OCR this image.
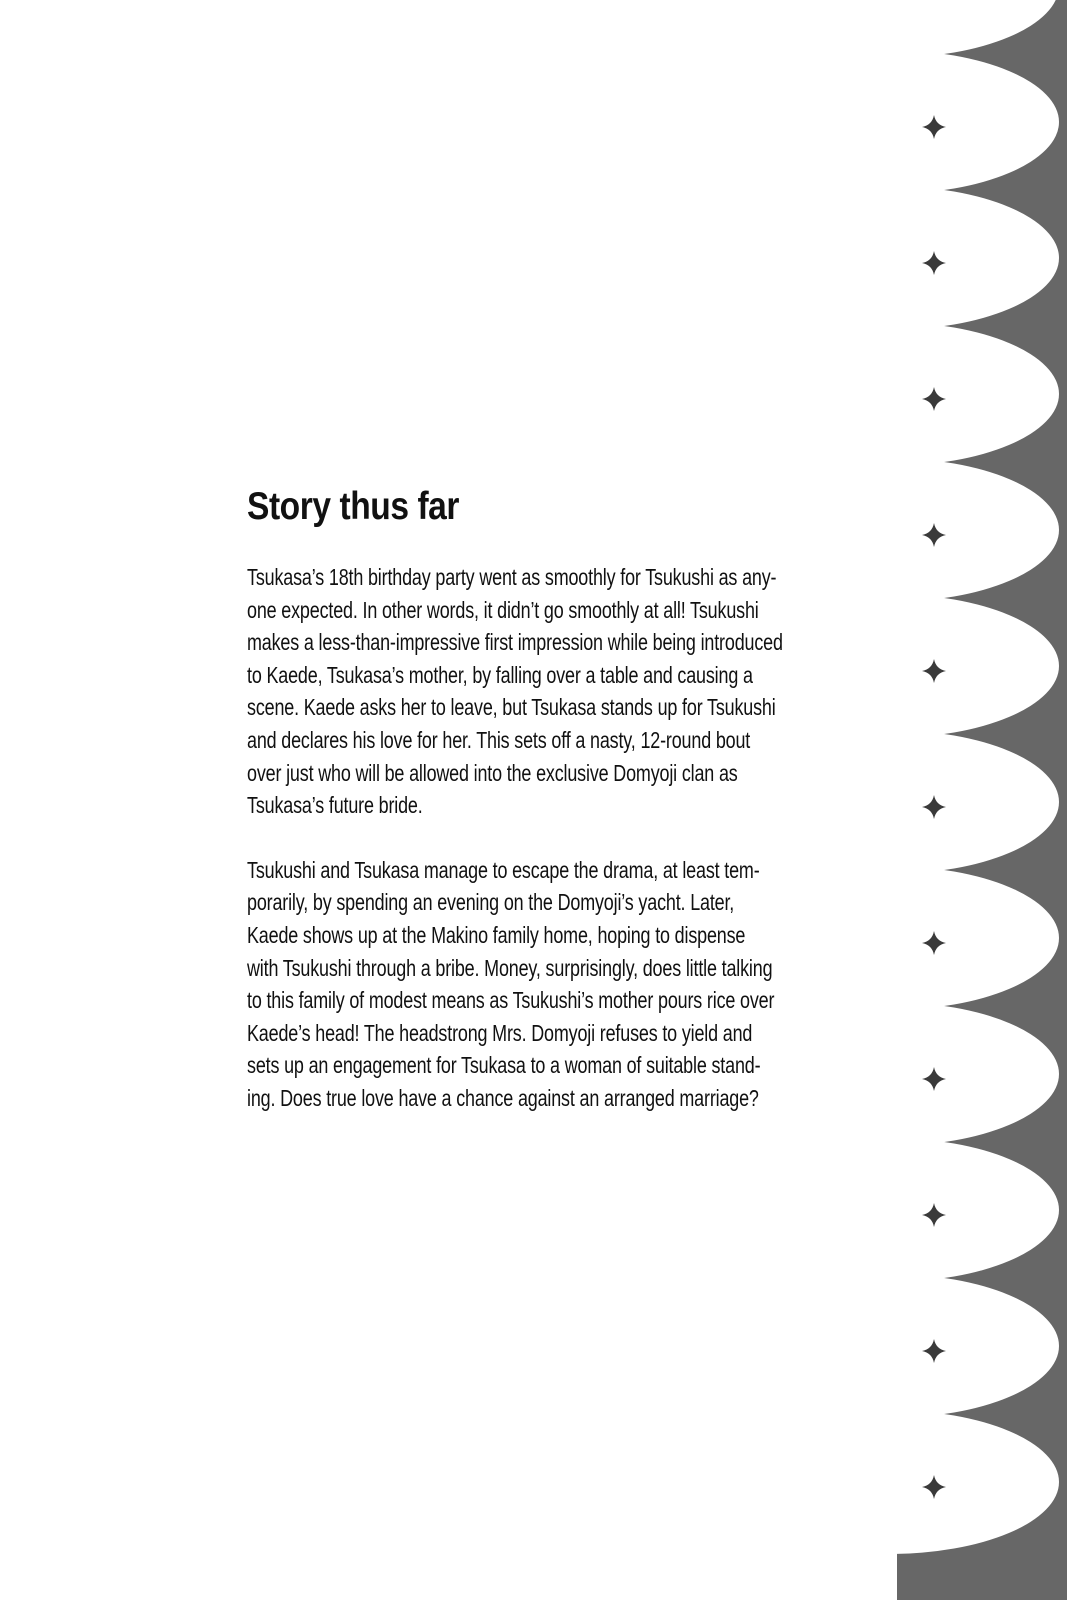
Story thus far
Tsukasa’s 18th birthday party went as smoothly for Tsukushi as any-
one expected. In other words, it didn’t go smoothly at all! Tsukushi
makes a less-than-impressive first impression while being introduced
to Kaede, Tsukasa’s mother, by falling over a table and causing a
scene. Kaede asks her to leave, but Tsukasa stands up for Tsukushi
and declares his love for her. This sets off a nasty, 12-round bout
over just who will be allowed into the exclusive Domyoji clan as
Tsukasa’s future bride.
Tsukushi and Tsukasa manage to escape the drama, at least tem-
porarily, by spending an evening on the Domyoji’s yacht. Later,
Kaede shows up at the Makino family home, hoping to dispense
with Tsukushi through a bribe. Money, surprisingly, does little talking
to this family of modest means as Tsukushi’s mother pours rice over
Kaede’s head! The headstrong Mrs. Domyoji refuses to yield and
sets up an engagement for Tsukasa to a woman of suitable stand-
ing. Does true love have a chance against an arranged marriage?
